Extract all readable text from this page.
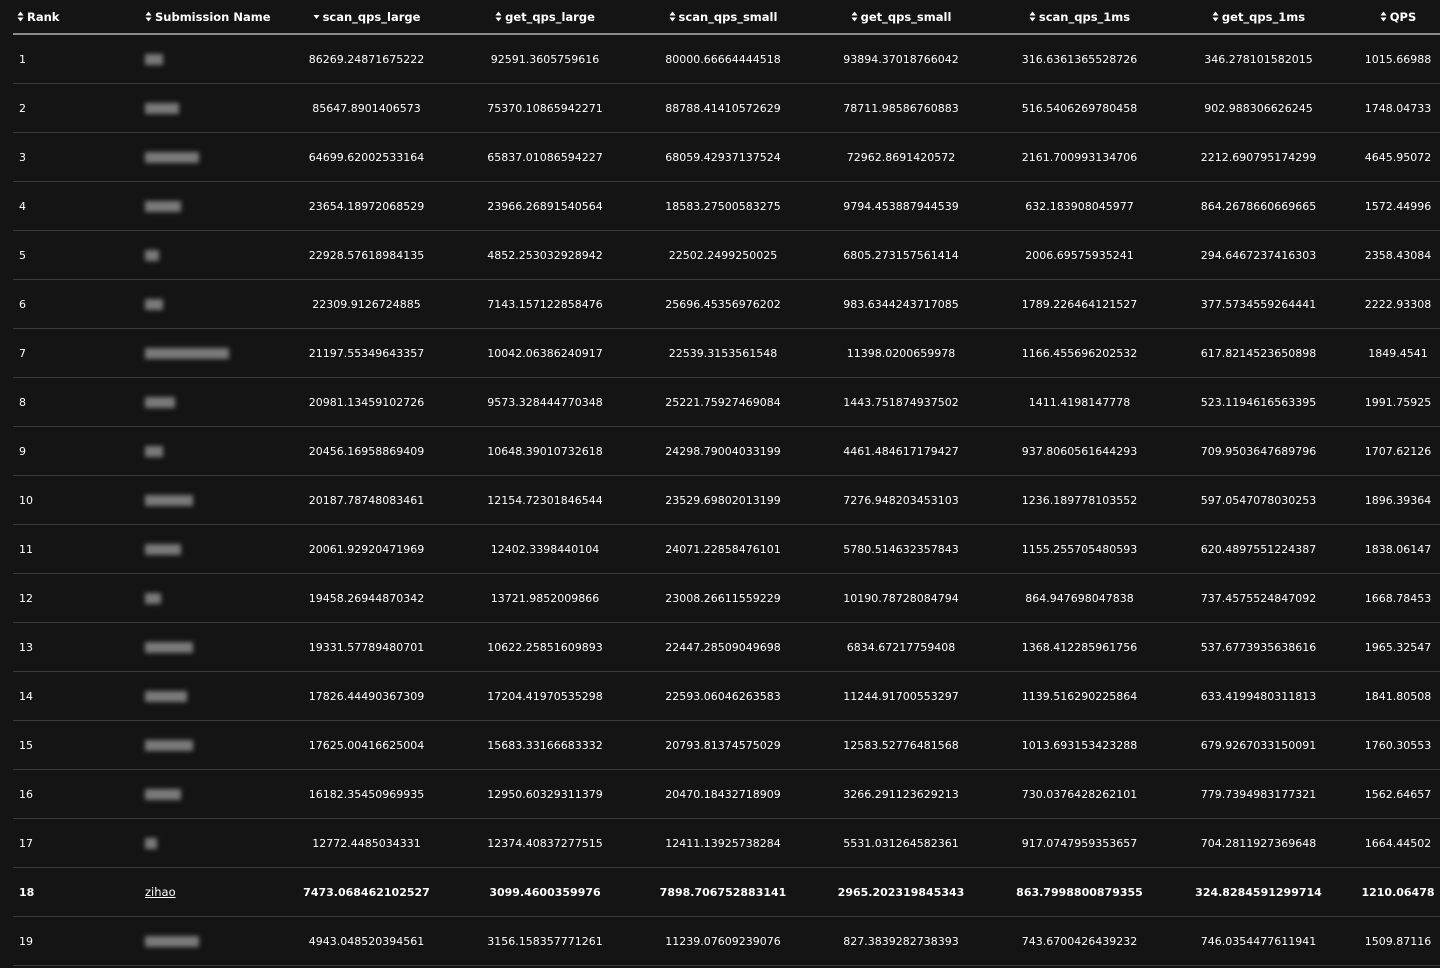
Rank	Submission Name	scan_qps_large	get_qps_large	scan_qps_small	get_qps_small	scan_qps_1ms	get_qps_1ms	QPS
1		86269.24871675222	92591.3605759616	80000.66664444518	93894.37018766042	316.6361365528726	346.278101582015	1015.66988
2		85647.8901406573	75370.10865942271	88788.41410572629	78711.98586760883	516.5406269780458	902.988306626245	1748.04733
3		64699.62002533164	65837.01086594227	68059.42937137524	72962.8691420572	2161.700993134706	2212.690795174299	4645.95072
4		23654.18972068529	23966.26891540564	18583.27500583275	9794.453887944539	632.183908045977	864.2678660669665	1572.44996
5		22928.57618984135	4852.253032928942	22502.2499250025	6805.273157561414	2006.69575935241	294.6467237416303	2358.43084
6		22309.9126724885	7143.157122858476	25696.45356976202	983.6344243717085	1789.226464121527	377.5734559264441	2222.93308
7		21197.55349643357	10042.06386240917	22539.3153561548	11398.0200659978	1166.455696202532	617.8214523650898	1849.4541
8		20981.13459102726	9573.328444770348	25221.75927469084	1443.751874937502	1411.4198147778	523.1194616563395	1991.75925
9		20456.16958869409	10648.39010732618	24298.79004033199	4461.484617179427	937.8060561644293	709.9503647689796	1707.62126
10		20187.78748083461	12154.72301846544	23529.69802013199	7276.948203453103	1236.189778103552	597.0547078030253	1896.39364
11		20061.92920471969	12402.3398440104	24071.22858476101	5780.514632357843	1155.255705480593	620.4897551224387	1838.06147
12		19458.26944870342	13721.9852009866	23008.26611559229	10190.78728084794	864.947698047838	737.4575524847092	1668.78453
13		19331.57789480701	10622.25851609893	22447.28509049698	6834.67217759408	1368.412285961756	537.6773935638616	1965.32547
14		17826.44490367309	17204.41970535298	22593.06046263583	11244.91700553297	1139.516290225864	633.4199480311813	1841.80508
15		17625.00416625004	15683.33166683332	20793.81374575029	12583.52776481568	1013.693153423288	679.9267033150091	1760.30553
16		16182.35450969935	12950.60329311379	20470.18432718909	3266.291123629213	730.0376428262101	779.7394983177321	1562.64657
17		12772.4485034331	12374.40837277515	12411.13925738284	5531.031264582361	917.0747959353657	704.2811927369648	1664.44502
18	zihao	7473.068462102527	3099.4600359976	7898.706752883141	2965.202319845343	863.7998800879355	324.8284591299714	1210.06478
19		4943.048520394561	3156.158357771261	11239.07609239076	827.3839282738393	743.6700426439232	746.0354477611941	1509.87116
